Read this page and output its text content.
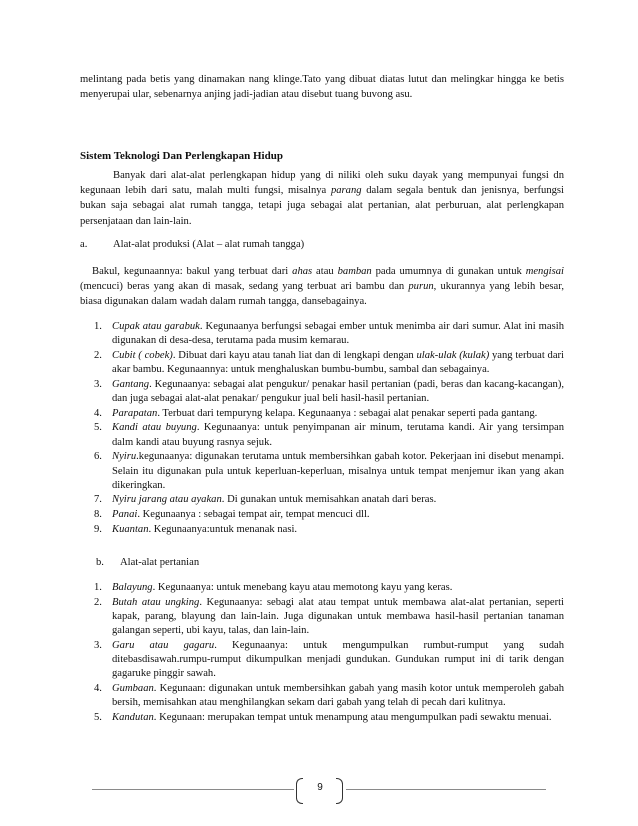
melintang pada betis yang dinamakan nang klinge.Tato yang dibuat diatas lutut dan melingkar hingga ke betis menyerupai ular, sebenarnya anjing jadi-jadian atau disebut tuang buvong asu.

Sistem Teknologi Dan Perlengkapan Hidup

Banyak dari alat-alat perlengkapan hidup yang di niliki oleh suku dayak yang mempunyai fungsi dn kegunaan lebih dari satu, malah multi fungsi, misalnya parang dalam segala bentuk dan jenisnya, berfungsi bukan saja sebagai alat rumah tangga, tetapi juga sebagai alat pertanian, alat perburuan, alat perlengkapan persenjataan dan lain-lain.

a. Alat-alat produksi (Alat – alat rumah tangga)

Bakul, kegunaannya: bakul yang terbuat dari ahas atau bamban pada umumnya di gunakan untuk mengisai (mencuci) beras yang akan di masak, sedang yang terbuat ari bambu dan purun, ukurannya yang lebih besar, biasa digunakan dalam wadah dalam rumah tangga, dansebagainya.

1. Cupak atau garabuk. Kegunaanya berfungsi sebagai ember untuk menimba air dari sumur. Alat ini masih digunakan di desa-desa, terutama pada musim kemarau.
2. Cubit ( cobek). Dibuat dari kayu atau tanah liat dan di lengkapi dengan ulak-ulak (kulak) yang terbuat dari akar bambu. Kegunaannya: untuk menghaluskan bumbu-bumbu, sambal dan sebagainya.
3. Gantang. Kegunaanya: sebagai alat pengukur/ penakar hasil pertanian (padi, beras dan kacang-kacangan), dan juga sebagai alat-alat penakar/ pengukur jual beli hasil-hasil pertanian.
4. Parapatan. Terbuat dari tempuryng kelapa. Kegunaanya : sebagai alat penakar seperti pada gantang.
5. Kandi atau buyung. Kegunaanya: untuk penyimpanan air minum, terutama kandi. Air yang tersimpan dalm kandi atau buyung rasnya sejuk.
6. Nyiru.kegunaanya: digunakan terutama untuk membersihkan gabah kotor. Pekerjaan ini disebut menampi. Selain itu digunakan pula untuk keperluan-keperluan, misalnya untuk tempat menjemur ikan yang akan dikeringkan.
7. Nyiru jarang atau ayakan. Di gunakan untuk memisahkan anatah dari beras.
8. Panai. Kegunaanya : sebagai tempat air, tempat mencuci dll.
9. Kuantan. Kegunaanya:untuk menanak nasi.

b. Alat-alat pertanian

1. Balayung. Kegunaanya: untuk menebang kayu atau memotong kayu yang keras.
2. Butah atau ungking. Kegunaanya: sebagi alat atau tempat untuk membawa alat-alat pertanian, seperti kapak, parang, blayung dan lain-lain. Juga digunakan untuk membawa hasil-hasil pertanian tanaman galangan seperti, ubi kayu, talas, dan lain-lain.
3. Garu atau gagaru. Kegunaanya: untuk mengumpulkan rumbut-rumput yang sudah ditebasdisawah.rumpu-rumput dikumpulkan menjadi gundukan. Gundukan rumput ini di tarik dengan gagaruke pinggir sawah.
4. Gumbaan. Kegunaan: digunakan untuk membersihkan gabah yang masih kotor untuk memperoleh gabah bersih, memisahkan atau menghilangkan sekam dari gabah yang telah di pecah dari kulitnya.
5. Kandutan. Kegunaan: merupakan tempat untuk menampung atau mengumpulkan padi sewaktu menuai.
9
